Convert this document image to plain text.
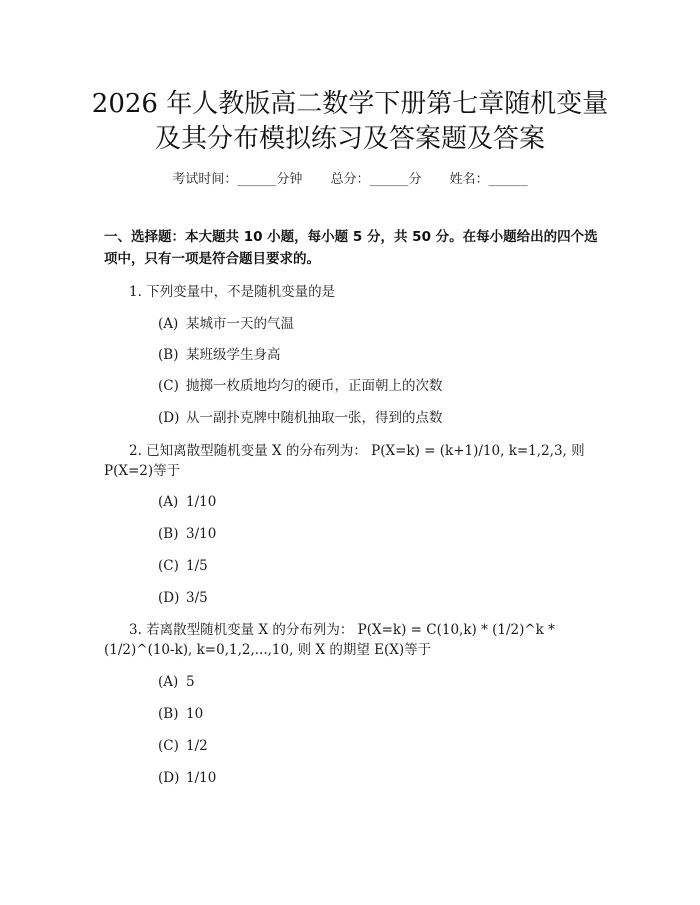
2026 年人教版高二数学下册第七章随机变量
及其分布模拟练习及答案题及答案
考试时间：______分钟 总分：______分 姓名：______
一、选择题：本大题共 10 小题，每小题 5 分，共 50 分。在每小题给出的四个选项中，只有一项是符合题目要求的。
1. 下列变量中，不是随机变量的是
(A) 某城市一天的气温
(B) 某班级学生身高
(C) 抛掷一枚质地均匀的硬币，正面朝上的次数
(D) 从一副扑克牌中随机抽取一张，得到的点数
2. 已知离散型随机变量 X 的分布列为： P(X=k) = (k+1)/10, k=1,2,3, 则 P(X=2)等于
(A) 1/10
(B) 3/10
(C) 1/5
(D) 3/5
3. 若离散型随机变量 X 的分布列为： P(X=k) = C(10,k) * (1/2)^k * (1/2)^(10-k), k=0,1,2,...,10, 则 X 的期望 E(X)等于
(A) 5
(B) 10
(C) 1/2
(D) 1/10
